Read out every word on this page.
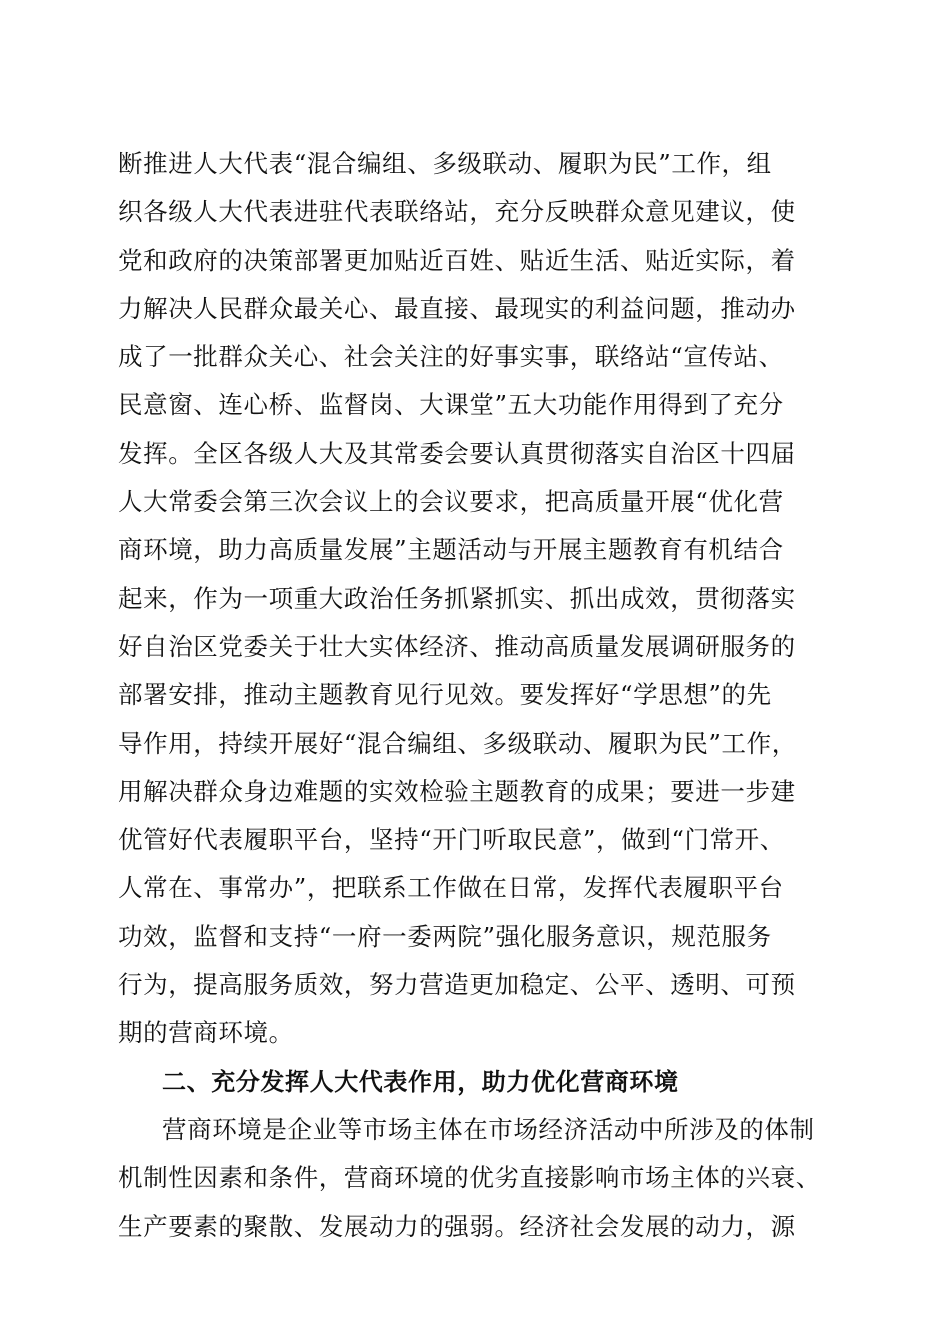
断推进人大代表“混合编组、多级联动、履职为民”工作，组
织各级人大代表进驻代表联络站，充分反映群众意见建议，使
党和政府的决策部署更加贴近百姓、贴近生活、贴近实际，着
力解决人民群众最关心、最直接、最现实的利益问题，推动办
成了一批群众关心、社会关注的好事实事，联络站“宣传站、
民意窗、连心桥、监督岗、大课堂”五大功能作用得到了充分
发挥。全区各级人大及其常委会要认真贯彻落实自治区十四届
人大常委会第三次会议上的会议要求，把高质量开展“优化营
商环境，助力高质量发展”主题活动与开展主题教育有机结合
起来，作为一项重大政治任务抓紧抓实、抓出成效，贯彻落实
好自治区党委关于壮大实体经济、推动高质量发展调研服务的
部署安排，推动主题教育见行见效。要发挥好“学思想”的先
导作用，持续开展好“混合编组、多级联动、履职为民”工作，
用解决群众身边难题的实效检验主题教育的成果；要进一步建
优管好代表履职平台，坚持“开门听取民意”，做到“门常开、
人常在、事常办”，把联系工作做在日常，发挥代表履职平台
功效，监督和支持“一府一委两院”强化服务意识，规范服务
行为，提高服务质效，努力营造更加稳定、公平、透明、可预
期的营商环境。
二、充分发挥人大代表作用，助力优化营商环境
营商环境是企业等市场主体在市场经济活动中所涉及的体制
机制性因素和条件，营商环境的优劣直接影响市场主体的兴衰、
生产要素的聚散、发展动力的强弱。经济社会发展的动力，源
